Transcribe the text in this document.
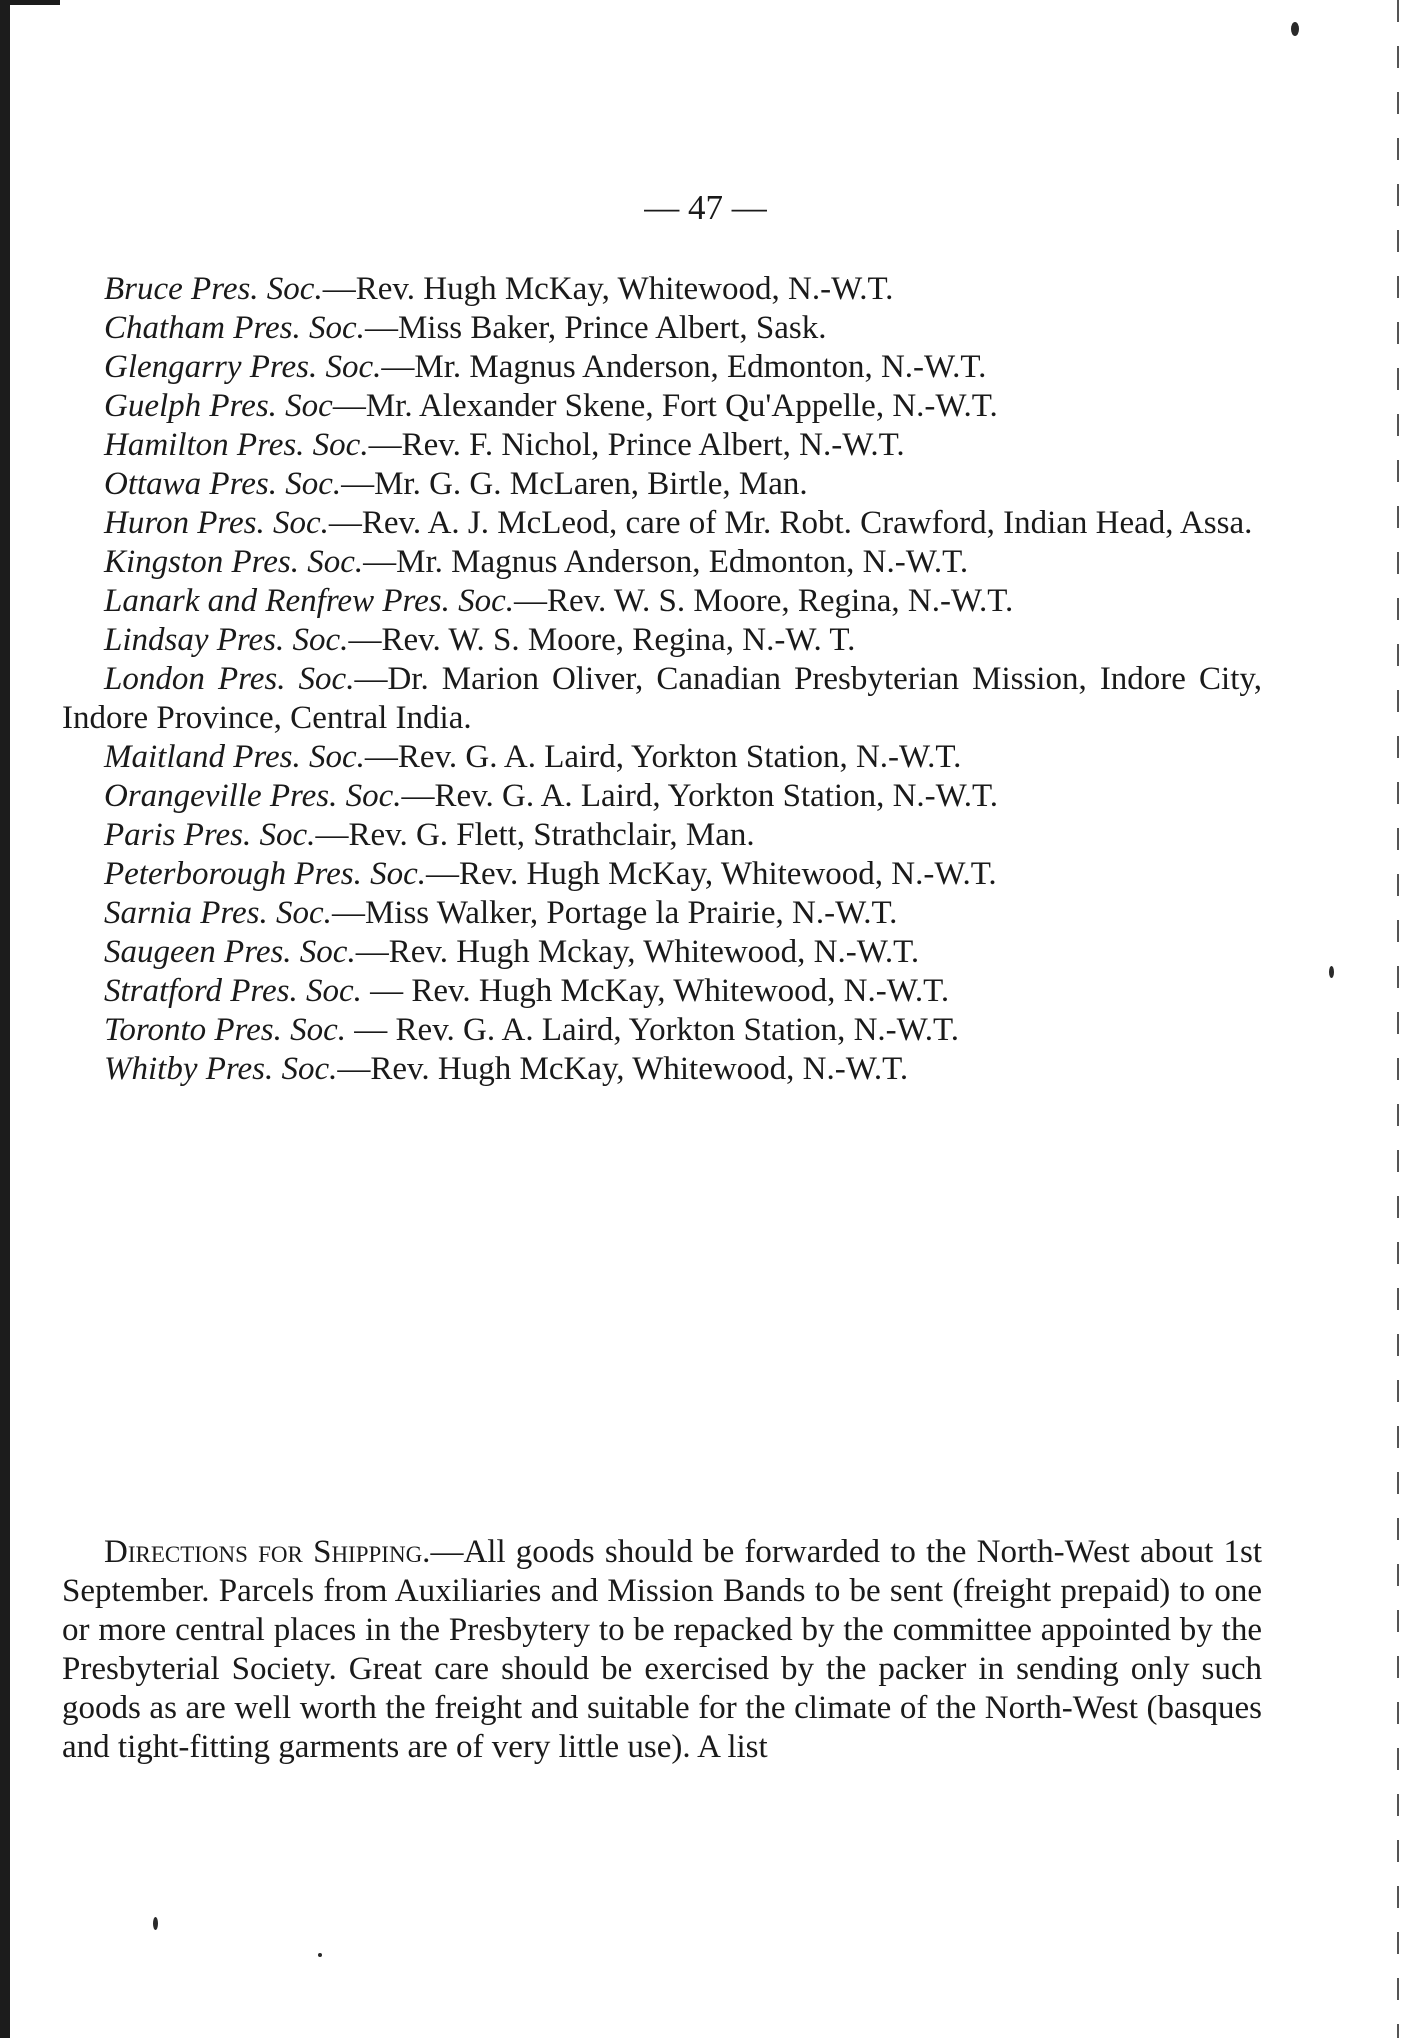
— 47 —

Bruce Pres. Soc.—Rev. Hugh McKay, Whitewood, N.-W.T.

Chatham Pres. Soc.—Miss Baker, Prince Albert, Sask.

Glengarry Pres. Soc.—Mr. Magnus Anderson, Edmonton, N.-W.T.

Guelph Pres. Soc—Mr. Alexander Skene, Fort Qu'Appelle, N.-W.T.

Hamilton Pres. Soc.—Rev. F. Nichol, Prince Albert, N.-W.T.

Ottawa Pres. Soc.—Mr. G. G. McLaren, Birtle, Man.

Huron Pres. Soc.—Rev. A. J. McLeod, care of Mr. Robt. Crawford, Indian Head, Assa.

Kingston Pres. Soc.—Mr. Magnus Anderson, Edmonton, N.-W.T.

Lanark and Renfrew Pres. Soc.—Rev. W. S. Moore, Regina, N.-W.T.

Lindsay Pres. Soc.—Rev. W. S. Moore, Regina, N.-W. T.

London Pres. Soc.—Dr. Marion Oliver, Canadian Presbyterian Mission, Indore City, Indore Province, Central India.

Maitland Pres. Soc.—Rev. G. A. Laird, Yorkton Station, N.-W.T.

Orangeville Pres. Soc.—Rev. G. A. Laird, Yorkton Station, N.-W.T.

Paris Pres. Soc.—Rev. G. Flett, Strathclair, Man.

Peterborough Pres. Soc.—Rev. Hugh McKay, Whitewood, N.-W.T.

Sarnia Pres. Soc.—Miss Walker, Portage la Prairie, N.-W.T.

Saugeen Pres. Soc.—Rev. Hugh Mckay, Whitewood, N.-W.T.

Stratford Pres. Soc. — Rev. Hugh McKay, Whitewood, N.-W.T.

Toronto Pres. Soc. — Rev. G. A. Laird, Yorkton Station, N.-W.T.

Whitby Pres. Soc.—Rev. Hugh McKay, Whitewood, N.-W.T.

Directions for Shipping.—All goods should be forwarded to the North-West about 1st September. Parcels from Auxiliaries and Mission Bands to be sent (freight prepaid) to one or more central places in the Presbytery to be repacked by the committee appointed by the Presbyterial Society. Great care should be exercised by the packer in sending only such goods as are well worth the freight and suitable for the climate of the North-West (basques and tight-fitting garments are of very little use). A list
